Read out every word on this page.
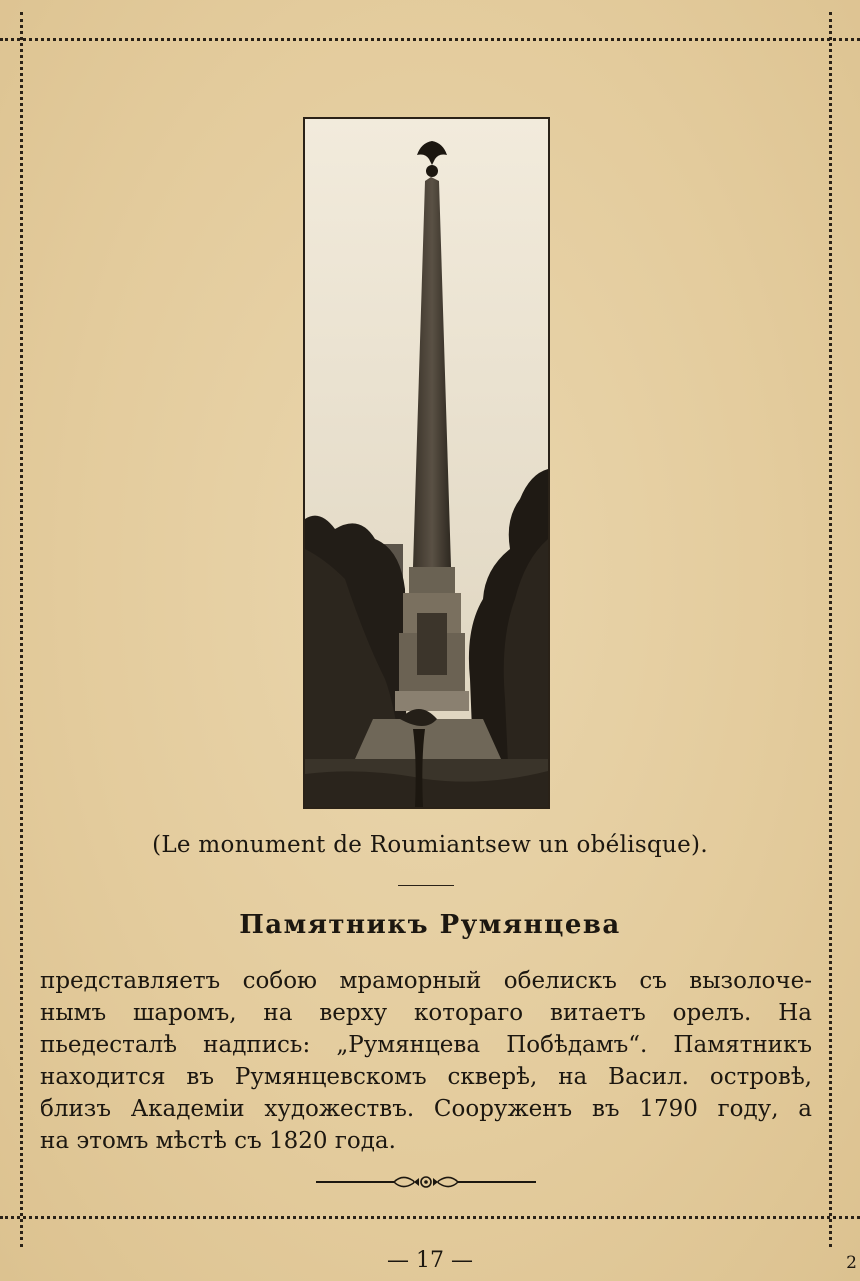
(Le monument de Roumiantsew un obélisque).
Памятникъ Румянцева
представляетъ собою мраморный обелискъ съ вызолоче-
нымъ шаромъ, на верху котораго витаетъ орелъ. На
пьедесталѣ надпись: „Румянцева Побѣдамъ“. Памятникъ
находится въ Румянцевскомъ скверѣ, на Васил. островѣ,
близъ Академiи художествъ. Сооруженъ въ 1790 году, а
на этомъ мѣстѣ съ 1820 года.
— 17 —	2
